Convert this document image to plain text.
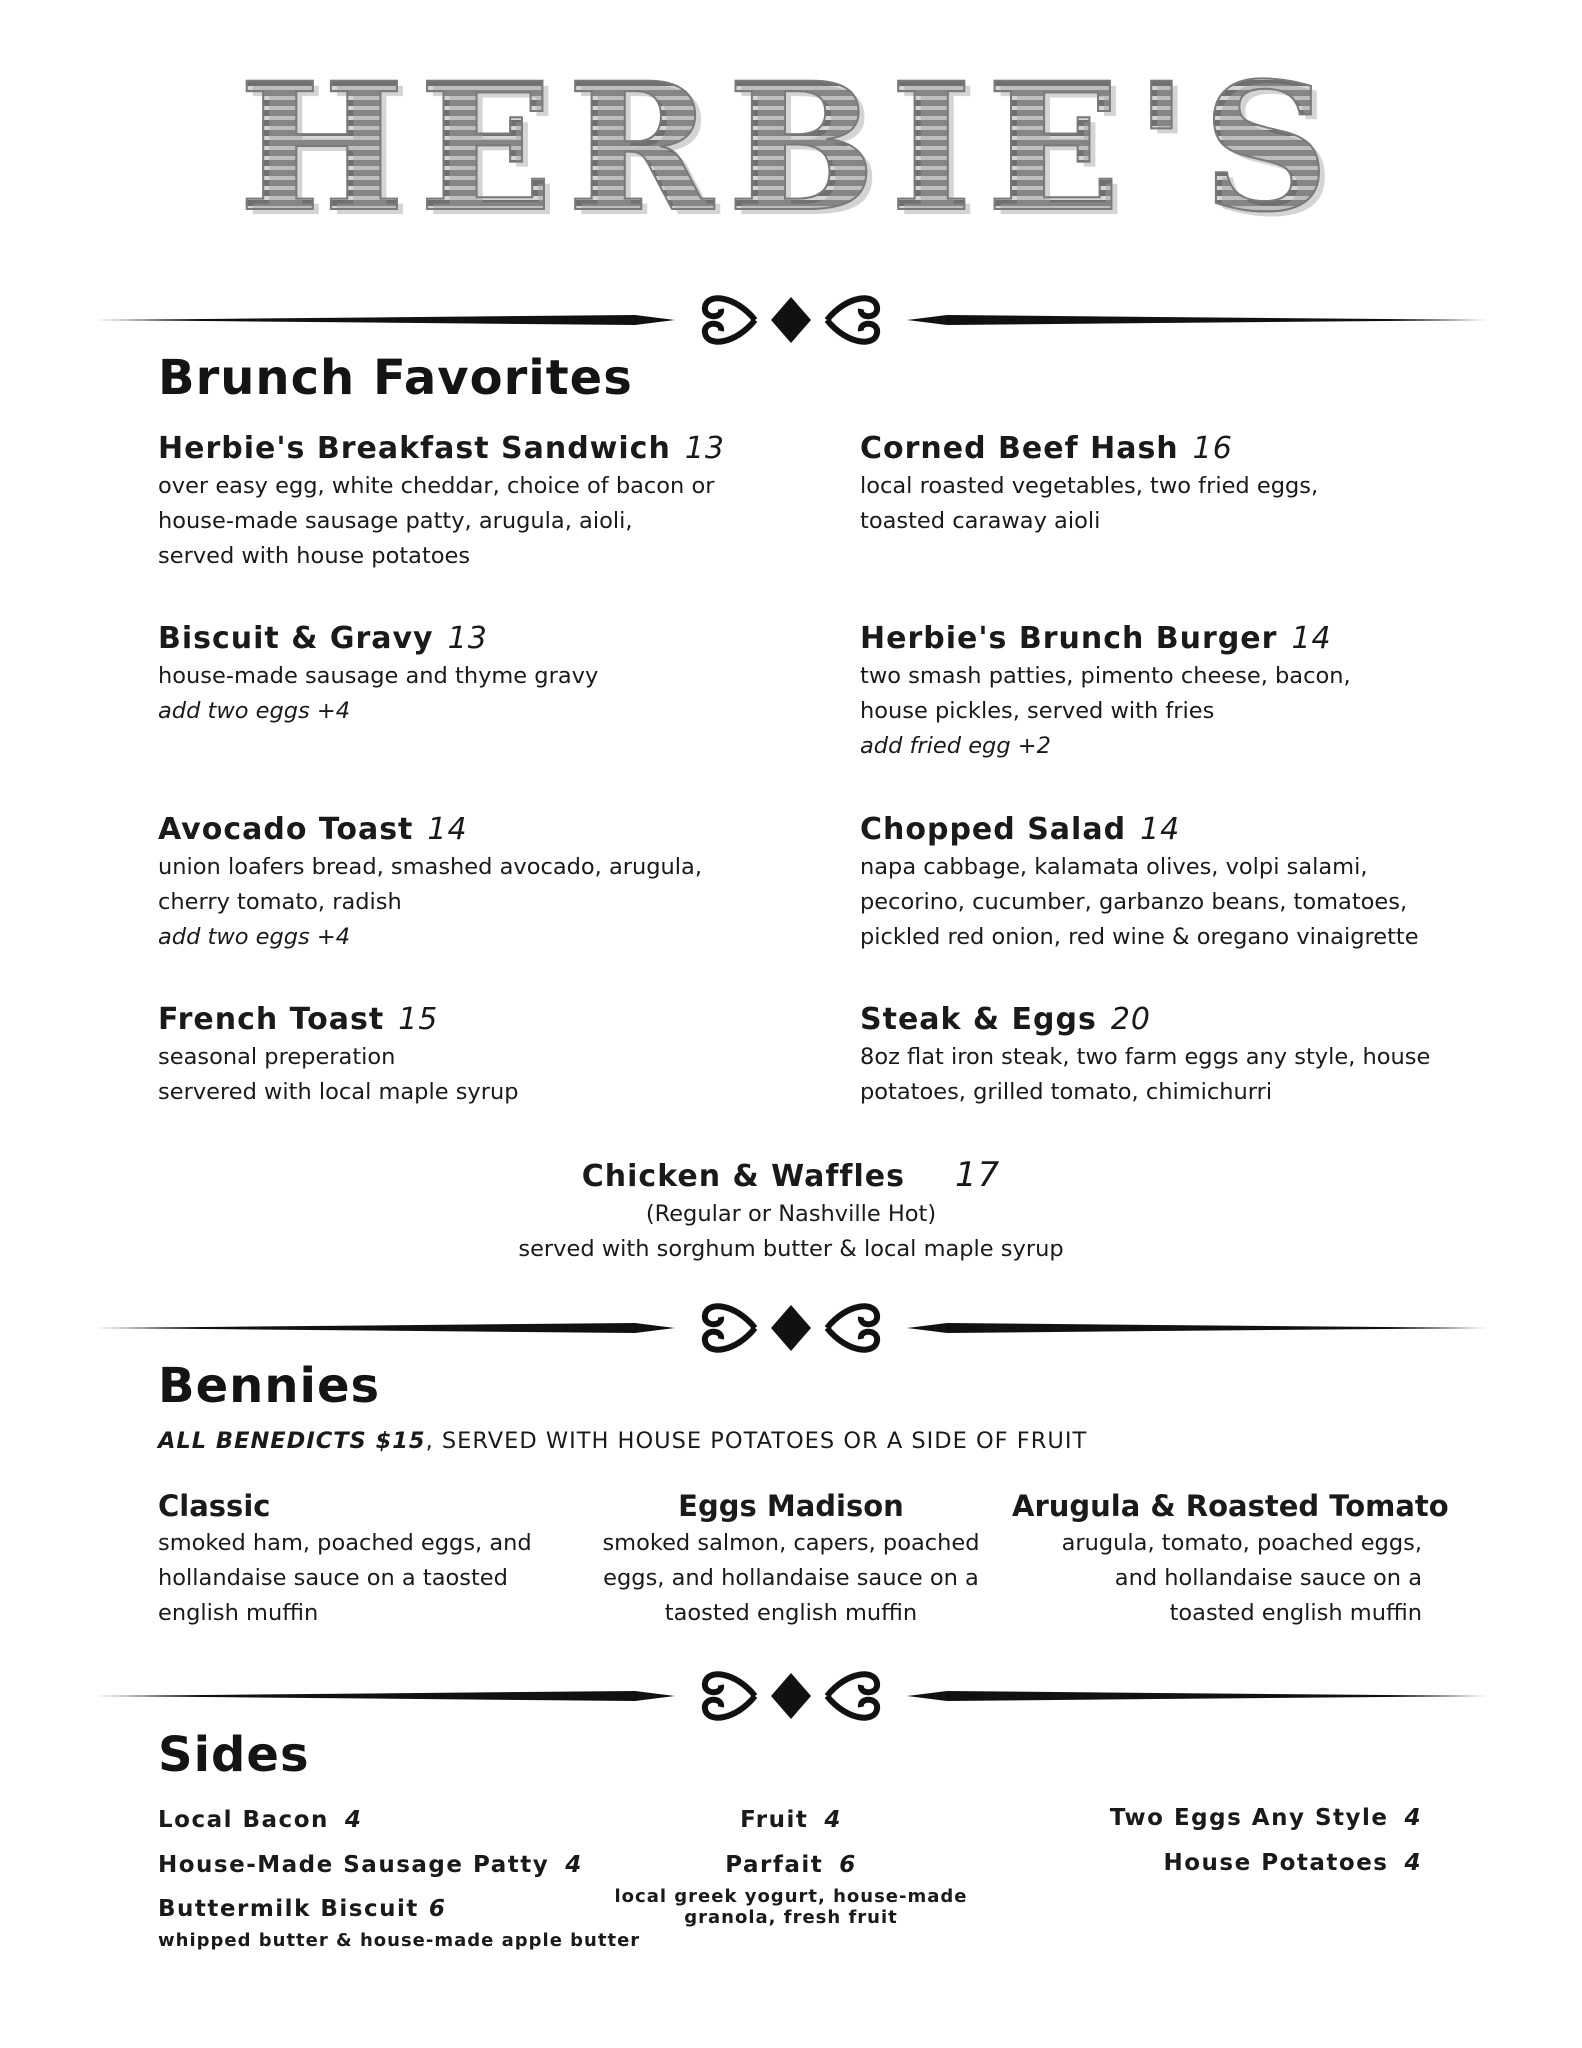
HERBIE'S
Brunch Favorites
Herbie's Breakfast Sandwich 13
over easy egg, white cheddar, choice of bacon or
house-made sausage patty, arugula, aioli,
served with house potatoes
Corned Beef Hash 16
local roasted vegetables, two fried eggs,
toasted caraway aioli
Biscuit & Gravy 13
house-made sausage and thyme gravy
add two eggs +4
Herbie's Brunch Burger 14
two smash patties, pimento cheese, bacon,
house pickles, served with fries
add fried egg +2
Avocado Toast 14
union loafers bread, smashed avocado, arugula,
cherry tomato, radish
add two eggs +4
Chopped Salad 14
napa cabbage, kalamata olives, volpi salami,
pecorino, cucumber, garbanzo beans, tomatoes,
pickled red onion, red wine & oregano vinaigrette
French Toast 15
seasonal preperation
servered with local maple syrup
Steak & Eggs 20
8oz flat iron steak, two farm eggs any style, house
potatoes, grilled tomato, chimichurri
Chicken & Waffles 17
(Regular or Nashville Hot)
served with sorghum butter & local maple syrup
Bennies
ALL BENEDICTS $15, SERVED WITH HOUSE POTATOES OR A SIDE OF FRUIT
Classic
smoked ham, poached eggs, and
hollandaise sauce on a taosted
english muffin
Eggs Madison
smoked salmon, capers, poached
eggs, and hollandaise sauce on a
taosted english muffin
Arugula & Roasted Tomato
arugula, tomato, poached eggs,
and hollandaise sauce on a
toasted english muffin
Sides
Local Bacon 4
House-Made Sausage Patty 4
Buttermilk Biscuit 6
whipped butter & house-made apple butter
Fruit 4
Parfait 6
local greek yogurt, house-made
granola, fresh fruit
Two Eggs Any Style 4
House Potatoes 4
